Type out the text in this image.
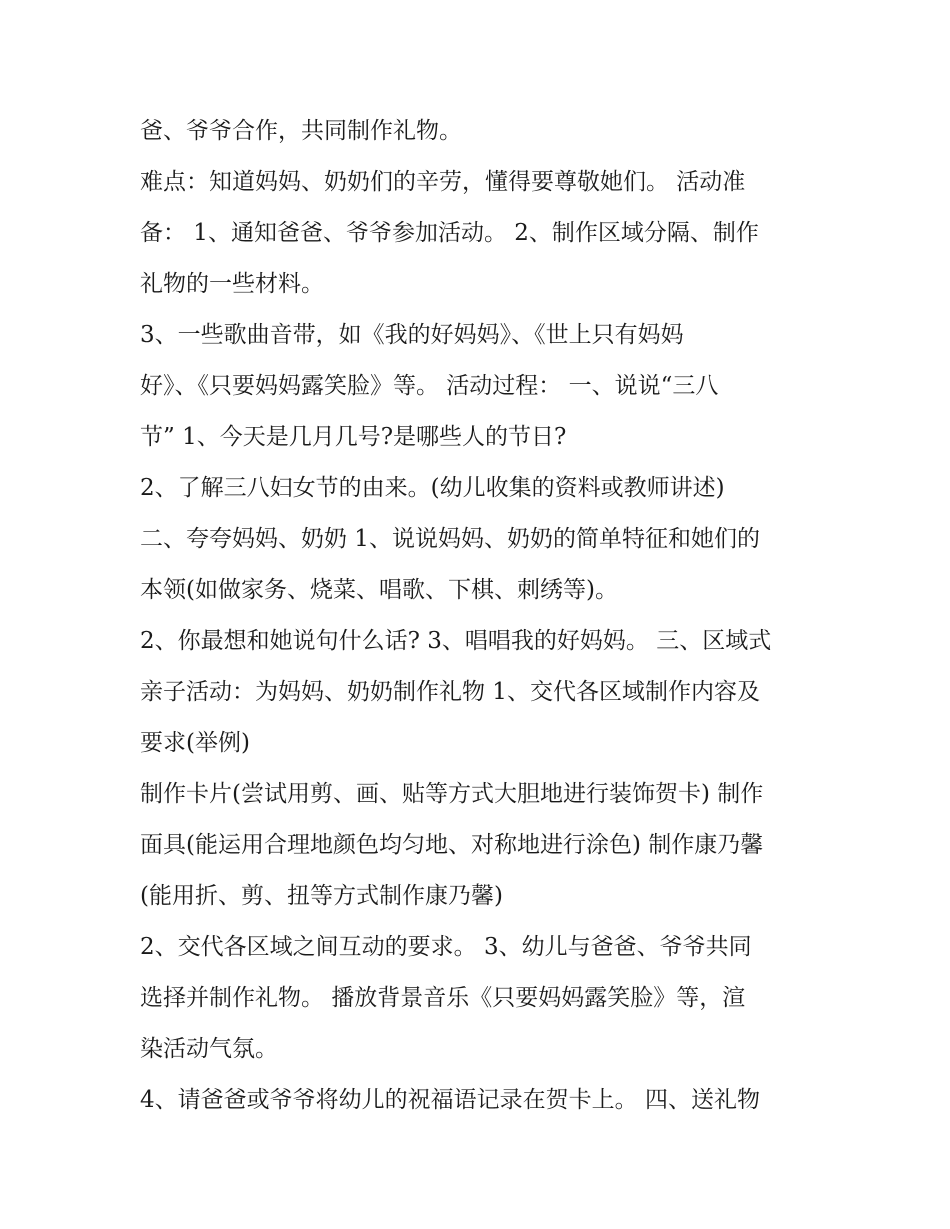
爸、爷爷合作，共同制作礼物。
难点：知道妈妈、奶奶们的辛劳，懂得要尊敬她们。 活动准
备： 1、通知爸爸、爷爷参加活动。 2、制作区域分隔、制作
礼物的一些材料。
3、一些歌曲音带，如《我的好妈妈》、《世上只有妈妈
好》、《只要妈妈露笑脸》等。 活动过程： 一、说说“三八
节” 1、今天是几月几号?是哪些人的节日?
2、了解三八妇女节的由来。(幼儿收集的资料或教师讲述)
二、夸夸妈妈、奶奶 1、说说妈妈、奶奶的简单特征和她们的
本领(如做家务、烧菜、唱歌、下棋、刺绣等)。
2、你最想和她说句什么话? 3、唱唱我的好妈妈。 三、区域式
亲子活动：为妈妈、奶奶制作礼物 1、交代各区域制作内容及
要求(举例)
制作卡片(尝试用剪、画、贴等方式大胆地进行装饰贺卡) 制作
面具(能运用合理地颜色均匀地、对称地进行涂色) 制作康乃馨
(能用折、剪、扭等方式制作康乃馨)
2、交代各区域之间互动的要求。 3、幼儿与爸爸、爷爷共同
选择并制作礼物。 播放背景音乐《只要妈妈露笑脸》等，渲
染活动气氛。
4、请爸爸或爷爷将幼儿的祝福语记录在贺卡上。 四、送礼物
